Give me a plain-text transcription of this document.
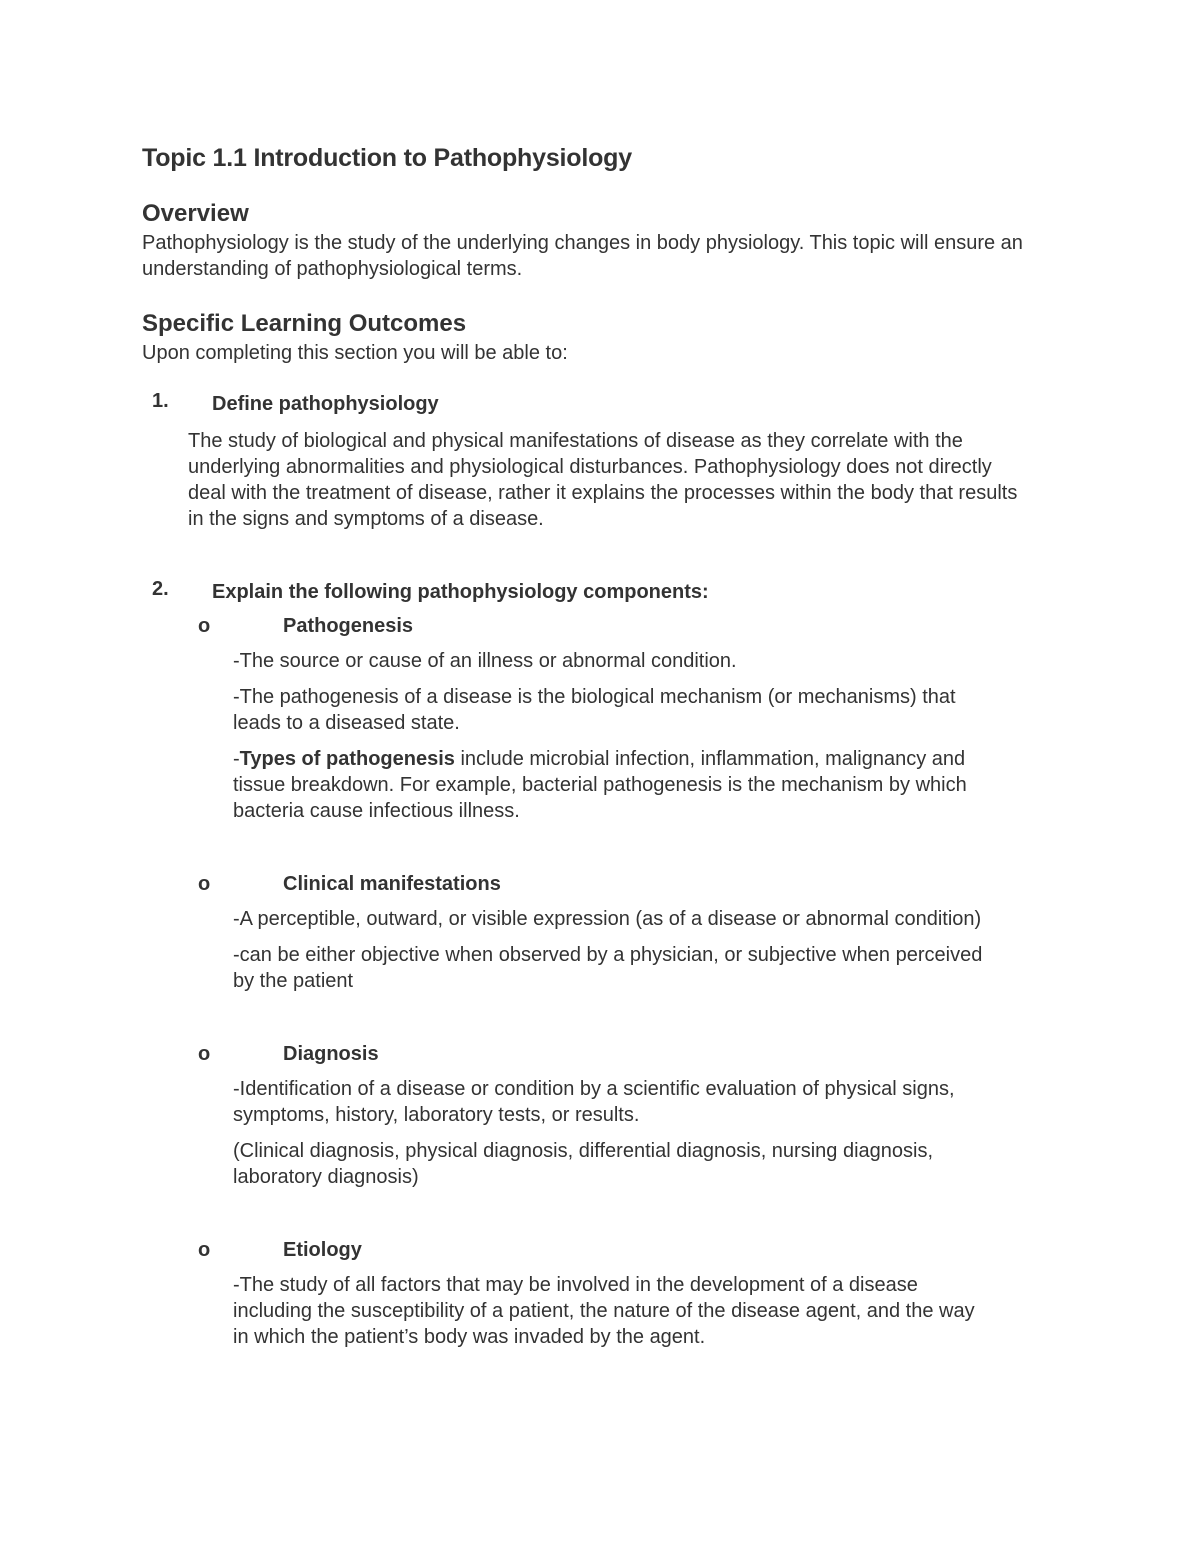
Topic 1.1 Introduction to Pathophysiology
Overview

Pathophysiology is the study of the underlying changes in body physiology. This topic will ensure an understanding of pathophysiological terms.

Specific Learning Outcomes

Upon completing this section you will be able to:

1. Define pathophysiology

The study of biological and physical manifestations of disease as they correlate with the underlying abnormalities and physiological disturbances. Pathophysiology does not directly deal with the treatment of disease, rather it explains the processes within the body that results in the signs and symptoms of a disease.

2. Explain the following pathophysiology components:
o	Pathogenesis

-The source or cause of an illness or abnormal condition.

-The pathogenesis of a disease is the biological mechanism (or mechanisms) that leads to a diseased state.

-Types of pathogenesis include microbial infection, inflammation, malignancy and tissue breakdown. For example, bacterial pathogenesis is the mechanism by which bacteria cause infectious illness.

o	Clinical manifestations

-A perceptible, outward, or visible expression (as of a disease or abnormal condition)

-can be either objective when observed by a physician, or subjective when perceived by the patient

o	Diagnosis

-Identification of a disease or condition by a scientific evaluation of physical signs, symptoms, history, laboratory tests, or results.

(Clinical diagnosis, physical diagnosis, differential diagnosis, nursing diagnosis, laboratory diagnosis)

o	Etiology

-The study of all factors that may be involved in the development of a disease including the susceptibility of a patient, the nature of the disease agent, and the way in which the patient’s body was invaded by the agent.
